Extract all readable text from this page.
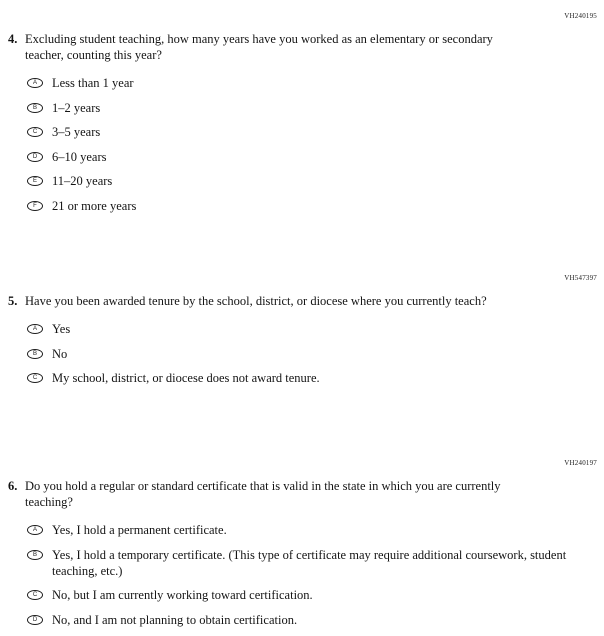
VH240195
4. Excluding student teaching, how many years have you worked as an elementary or secondary teacher, counting this year?
A Less than 1 year
B 1–2 years
C 3–5 years
D 6–10 years
E 11–20 years
F 21 or more years
VH547397
5. Have you been awarded tenure by the school, district, or diocese where you currently teach?
A Yes
B No
C My school, district, or diocese does not award tenure.
VH240197
6. Do you hold a regular or standard certificate that is valid in the state in which you are currently teaching?
A Yes, I hold a permanent certificate.
B Yes, I hold a temporary certificate. (This type of certificate may require additional coursework, student teaching, etc.)
C No, but I am currently working toward certification.
D No, and I am not planning to obtain certification.
